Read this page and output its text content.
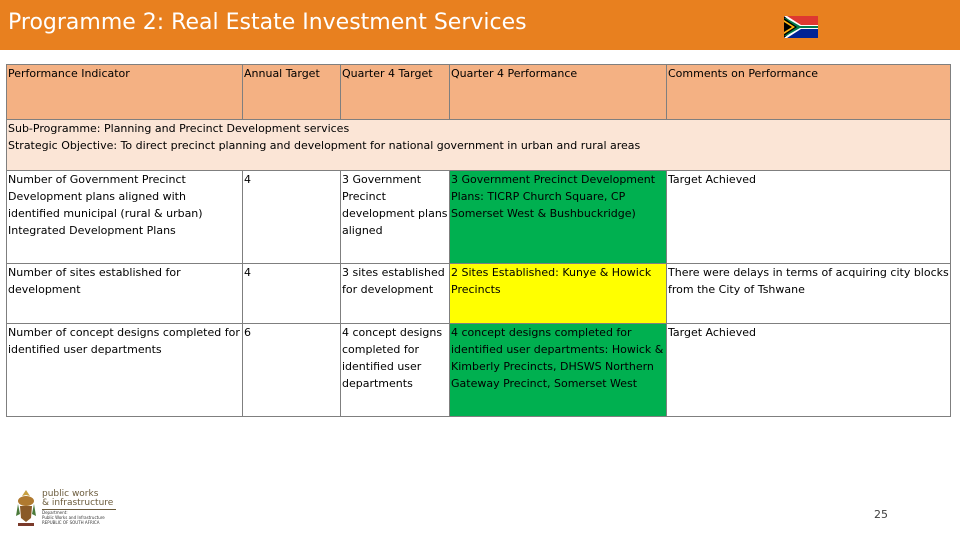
Programme 2: Real Estate Investment Services
Performance Indicator	Annual Target	Quarter 4 Target	Quarter 4 Performance	Comments on Performance

Sub-Programme: Planning and Precinct Development services
Strategic Objective: To direct precinct planning and development for national government in urban and rural areas				

Number of Government Precinct Development plans aligned with identified municipal (rural & urban) Integrated Development Plans	4	3 Government Precinct development plans aligned	3 Government Precinct Development Plans: TICRP Church Square, CP Somerset West & Bushbuckridge)	Target Achieved
Number of sites established for development	4	3 sites established for development	2 Sites Established: Kunye & Howick Precincts	There were delays in terms of acquiring city blocks from the City of Tshwane
Number of concept designs completed for identified user departments	6	4 concept designs completed for identified user departments	4 concept designs completed for identified user departments: Howick & Kimberly Precincts, DHSWS Northern Gateway Precinct, Somerset West	Target Achieved
public works
& infrastructure
Department:
Public Works and Infrastructure
REPUBLIC OF SOUTH AFRICA
25
